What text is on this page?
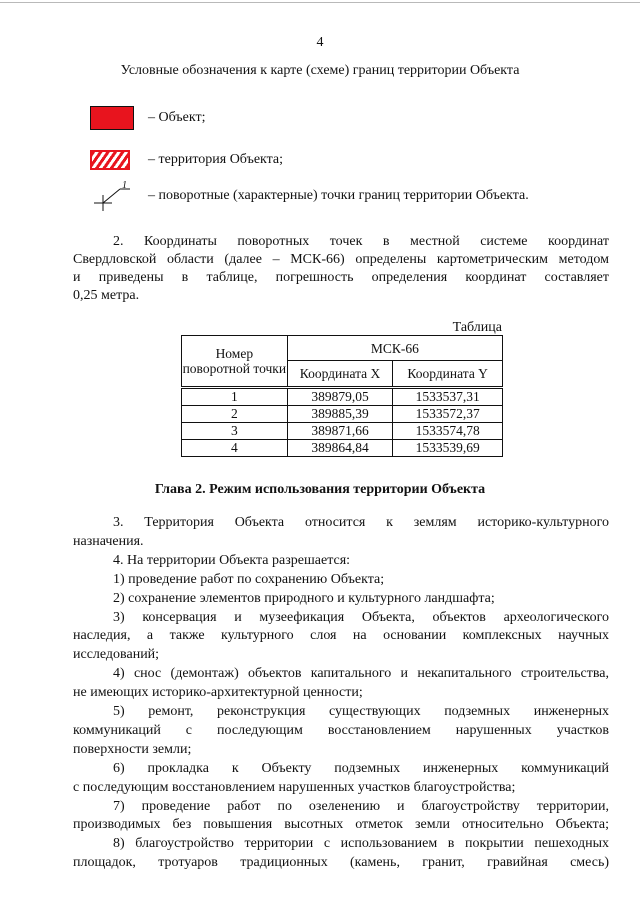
4
Условные обозначения к карте (схеме) границ территории Объекта
– Объект;
– территория Объекта;
1
– поворотные (характерные) точки границ территории Объекта.
2. Координаты поворотных точек в местной системе координат
Свердловской области (далее – МСК-66) определены картометрическим методом
и приведены в таблице, погрешность определения координат составляет
0,25 метра.
Таблица
Номер поворотной точки	МСК-66	
	Координата X	Координата Y
1	389879,05	1533537,31
2	389885,39	1533572,37
3	389871,66	1533574,78
4	389864,84	1533539,69
Глава 2. Режим использования территории Объекта
3. Территория Объекта относится к землям историко-культурного
назначения.
4. На территории Объекта разрешается:
1) проведение работ по сохранению Объекта;
2) сохранение элементов природного и культурного ландшафта;
3) консервация и музеефикация Объекта, объектов археологического
наследия, а также культурного слоя на основании комплексных научных
исследований;
4) снос (демонтаж) объектов капитального и некапитального строительства,
не имеющих историко-архитектурной ценности;
5) ремонт, реконструкция существующих подземных инженерных
коммуникаций с последующим восстановлением нарушенных участков
поверхности земли;
6) прокладка к Объекту подземных инженерных коммуникаций
с последующим восстановлением нарушенных участков благоустройства;
7) проведение работ по озеленению и благоустройству территории,
производимых без повышения высотных отметок земли относительно Объекта;
8) благоустройство территории с использованием в покрытии пешеходных
площадок, тротуаров традиционных (камень, гранит, гравийная смесь)
